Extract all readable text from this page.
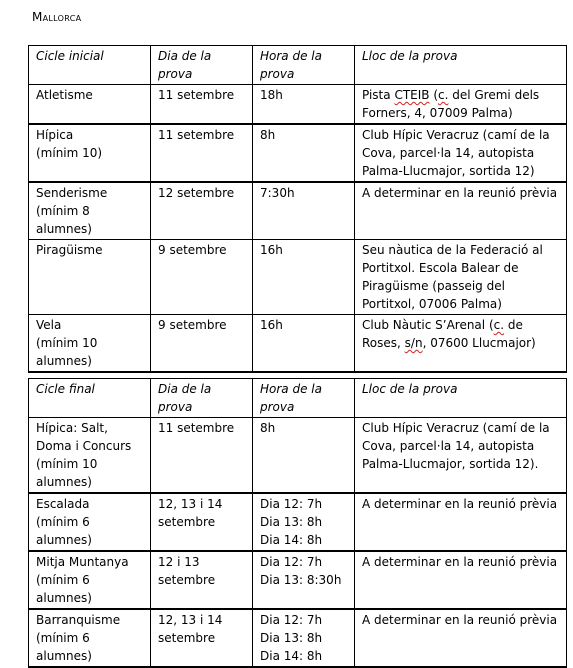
Mallorca
Cicle inicial	Dia de la prova	Hora de la prova	Lloc de la prova
Atletisme	11 setembre	18h	Pista CTEIB (c. del Gremi dels Forners, 4, 07009 Palma)
Hípica
(mínim 10)	11 setembre	8h	Club Hípic Veracruz (camí de la Cova, parcel·la 14, autopista Palma-Llucmajor, sortida 12)
Senderisme
(mínim 8 alumnes)	12 setembre	7:30h	A determinar en la reunió prèvia
Piragüisme	9 setembre	16h	Seu nàutica de la Federació al Portitxol. Escola Balear de Piragüisme (passeig del Portitxol, 07006 Palma)
Vela
(mínim 10 alumnes)	9 setembre	16h	Club Nàutic S’Arenal (c. de Roses, s/n, 07600 Llucmajor)
Cicle final	Dia de la prova	Hora de la prova	Lloc de la prova
Hípica: Salt, Doma i Concurs (mínim 10 alumnes)	11 setembre	8h	Club Hípic Veracruz (camí de la Cova, parcel·la 14, autopista Palma-Llucmajor, sortida 12).
Escalada
(mínim 6 alumnes)	12, 13 i 14 setembre	Dia 12: 7h
Dia 13: 8h
Dia 14: 8h	A determinar en la reunió prèvia
Mitja Muntanya (mínim 6 alumnes)	12 i 13 setembre	Dia 12: 7h
Dia 13: 8:30h	A determinar en la reunió prèvia
Barranquisme (mínim 6 alumnes)	12, 13 i 14 setembre	Dia 12: 7h
Dia 13: 8h
Dia 14: 8h	A determinar en la reunió prèvia
